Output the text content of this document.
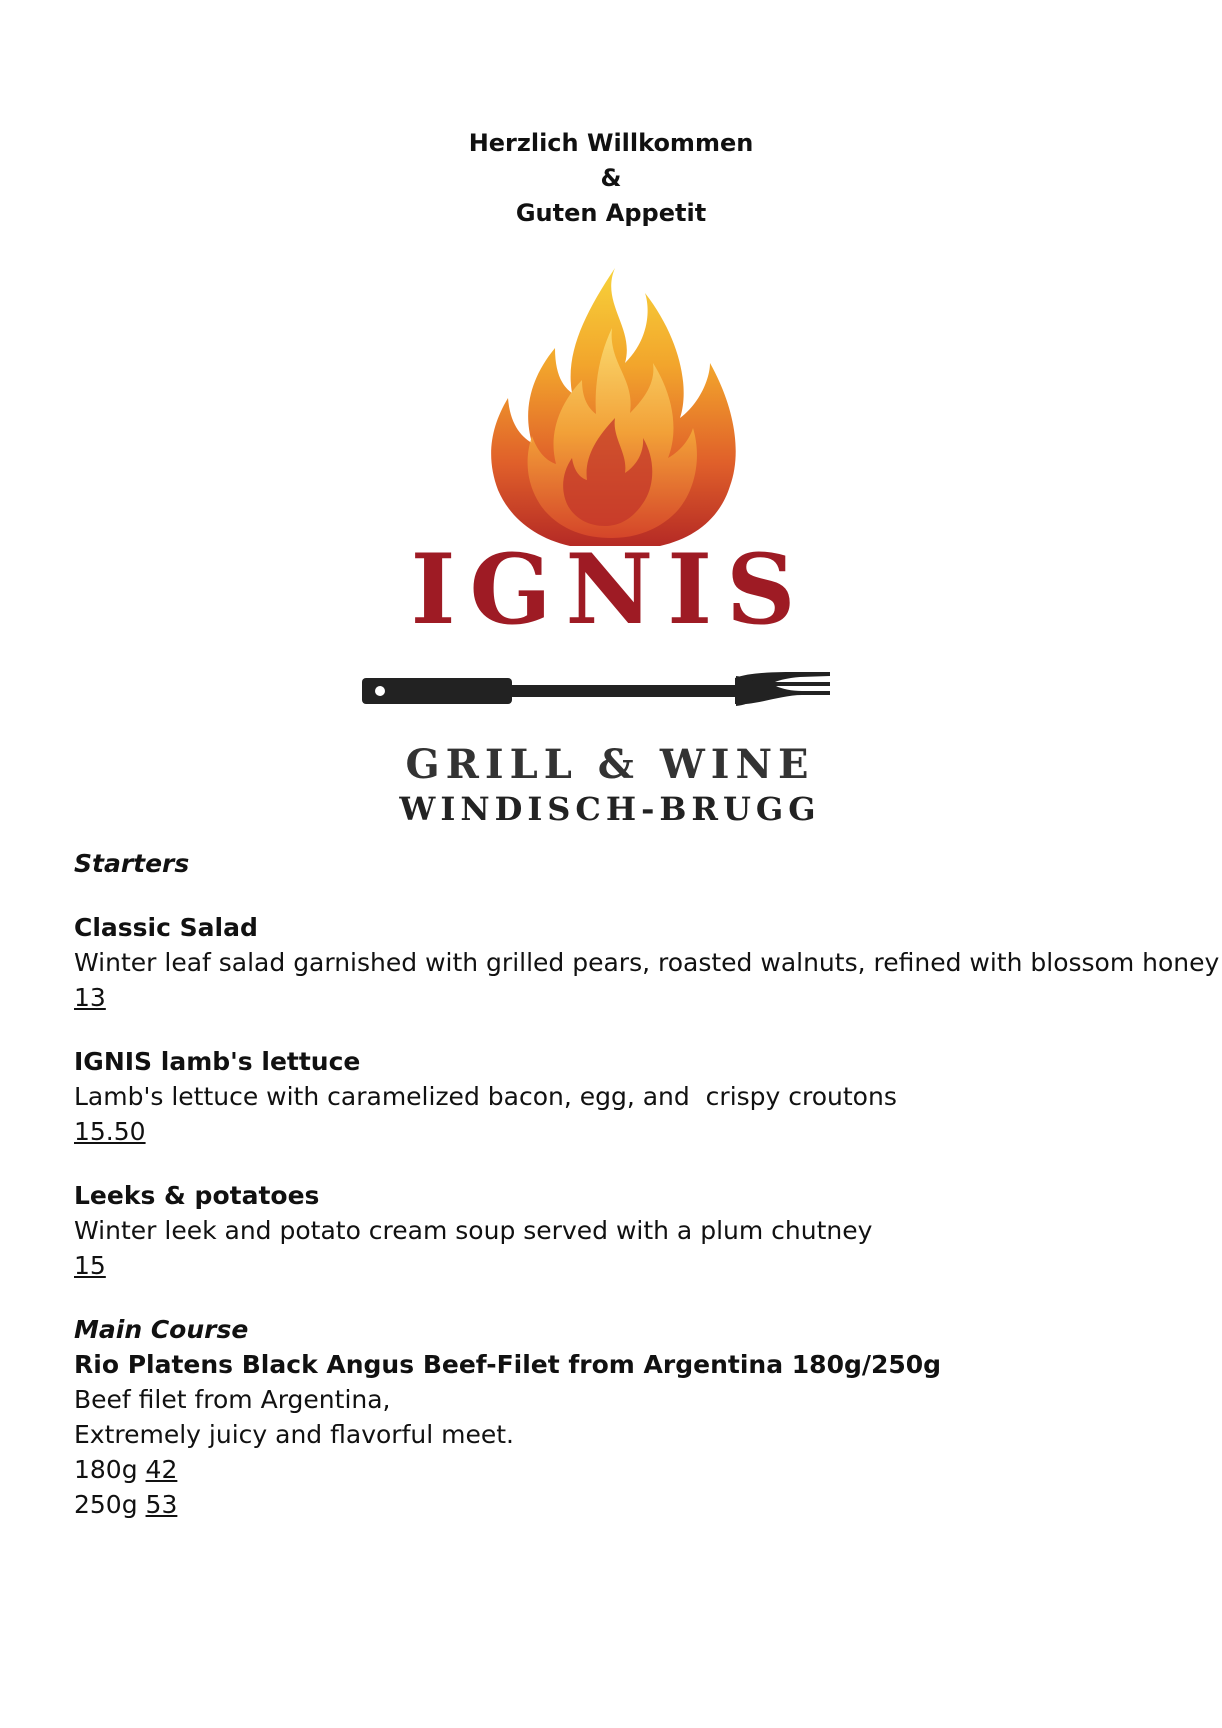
Herzlich Willkommen
&
Guten Appetit
IGNIS
GRILL & WINE
WINDISCH-BRUGG
Starters
Classic Salad
Winter leaf salad garnished with grilled pears, roasted walnuts, refined with blossom honey
13
IGNIS lamb's lettuce
Lamb's lettuce with caramelized bacon, egg, and  crispy croutons
15.50
Leeks & potatoes
Winter leek and potato cream soup served with a plum chutney
15
Main Course
Rio Platens Black Angus Beef-Filet from Argentina 180g/250g
Beef filet from Argentina,
Extremely juicy and flavorful meet.
180g 42
250g 53
